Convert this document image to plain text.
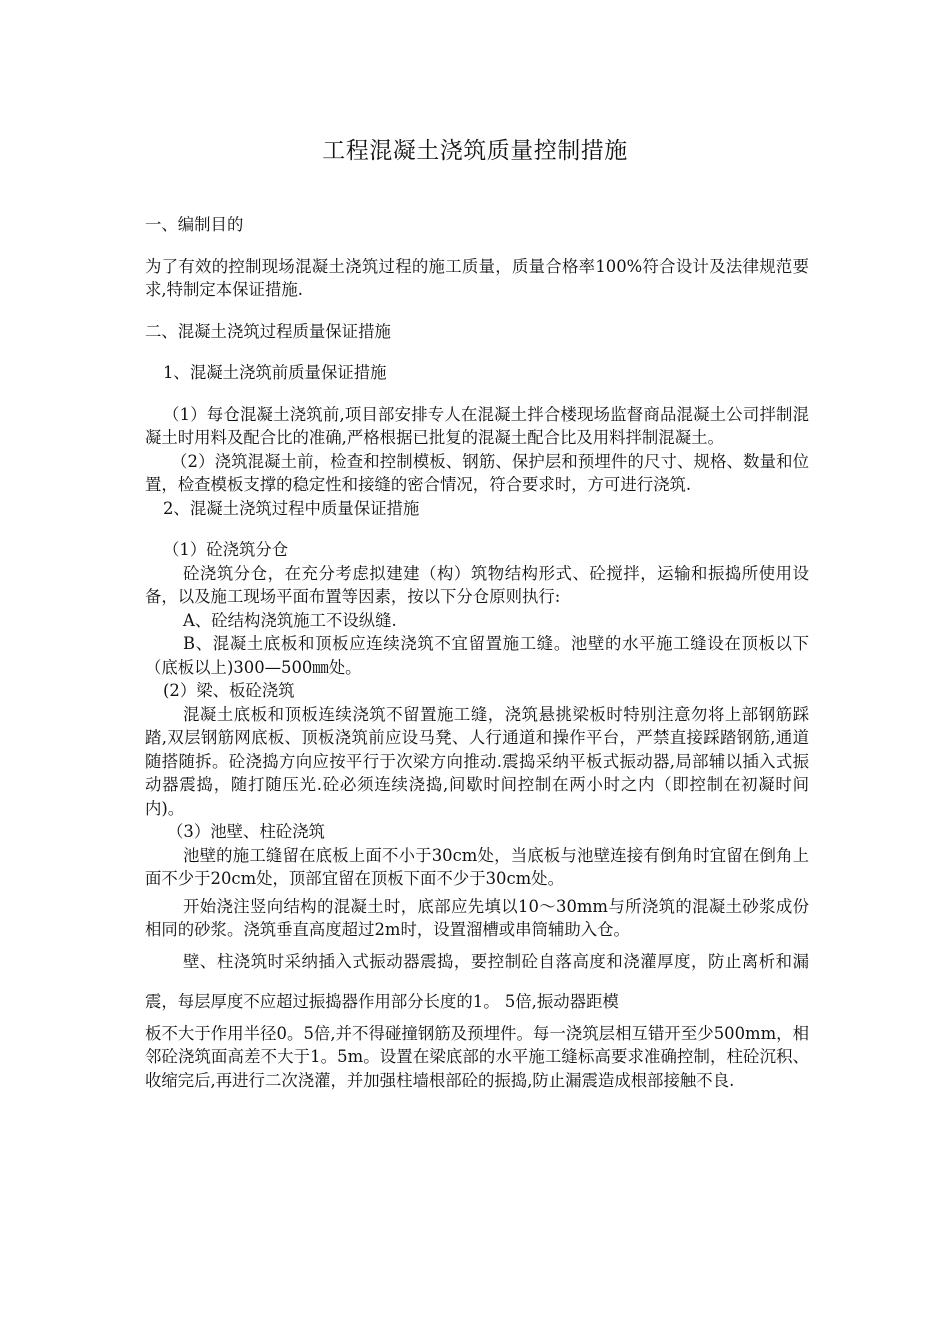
工程混凝土浇筑质量控制措施

一、编制目的

为了有效的控制现场混凝土浇筑过程的施工质量，质量合格率100%符合设计及法律规范要求,特制定本保证措施.

二、混凝土浇筑过程质量保证措施

1、混凝土浇筑前质量保证措施

（1）每仓混凝土浇筑前,项目部安排专人在混凝土拌合楼现场监督商品混凝土公司拌制混凝土时用料及配合比的准确,严格根据已批复的混凝土配合比及用料拌制混凝土。

（2）浇筑混凝土前，检查和控制模板、钢筋、保护层和预埋件的尺寸、规格、数量和位置，检查模板支撑的稳定性和接缝的密合情况，符合要求时，方可进行浇筑.

2、混凝土浇筑过程中质量保证措施

（1）砼浇筑分仓

砼浇筑分仓，在充分考虑拟建建（构）筑物结构形式、砼搅拌，运输和振捣所使用设备，以及施工现场平面布置等因素，按以下分仓原则执行:

A、砼结构浇筑施工不设纵缝.

B、混凝土底板和顶板应连续浇筑不宜留置施工缝。池壁的水平施工缝设在顶板以下（底板以上)300—500㎜处。

(2）梁、板砼浇筑

混凝土底板和顶板连续浇筑不留置施工缝，浇筑悬挑梁板时特别注意勿将上部钢筋踩踏,双层钢筋网底板、顶板浇筑前应设马凳、人行通道和操作平台，严禁直接踩踏钢筋,通道随搭随拆。砼浇捣方向应按平行于次梁方向推动.震捣采纳平板式振动器,局部辅以插入式振动器震捣，随打随压光.砼必须连续浇捣,间歇时间控制在两小时之内（即控制在初凝时间内)。

（3）池壁、柱砼浇筑

池壁的施工缝留在底板上面不小于30cm处，当底板与池壁连接有倒角时宜留在倒角上面不少于20cm处，顶部宜留在顶板下面不少于30cm处。

开始浇注竖向结构的混凝土时，底部应先填以10～30mm与所浇筑的混凝土砂浆成份相同的砂浆。浇筑垂直高度超过2m时，设置溜槽或串筒辅助入仓。

壁、柱浇筑时采纳插入式振动器震捣，要控制砼自落高度和浇灌厚度，防止离析和漏震，每层厚度不应超过振捣器作用部分长度的1。 5倍,振动器距模

板不大于作用半径0。5倍,并不得碰撞钢筋及预埋件。每一浇筑层相互错开至少500mm，相邻砼浇筑面高差不大于1。5m。设置在梁底部的水平施工缝标高要求准确控制，柱砼沉积、收缩完后,再进行二次浇灌，并加强柱墙根部砼的振捣,防止漏震造成根部接触不良.
